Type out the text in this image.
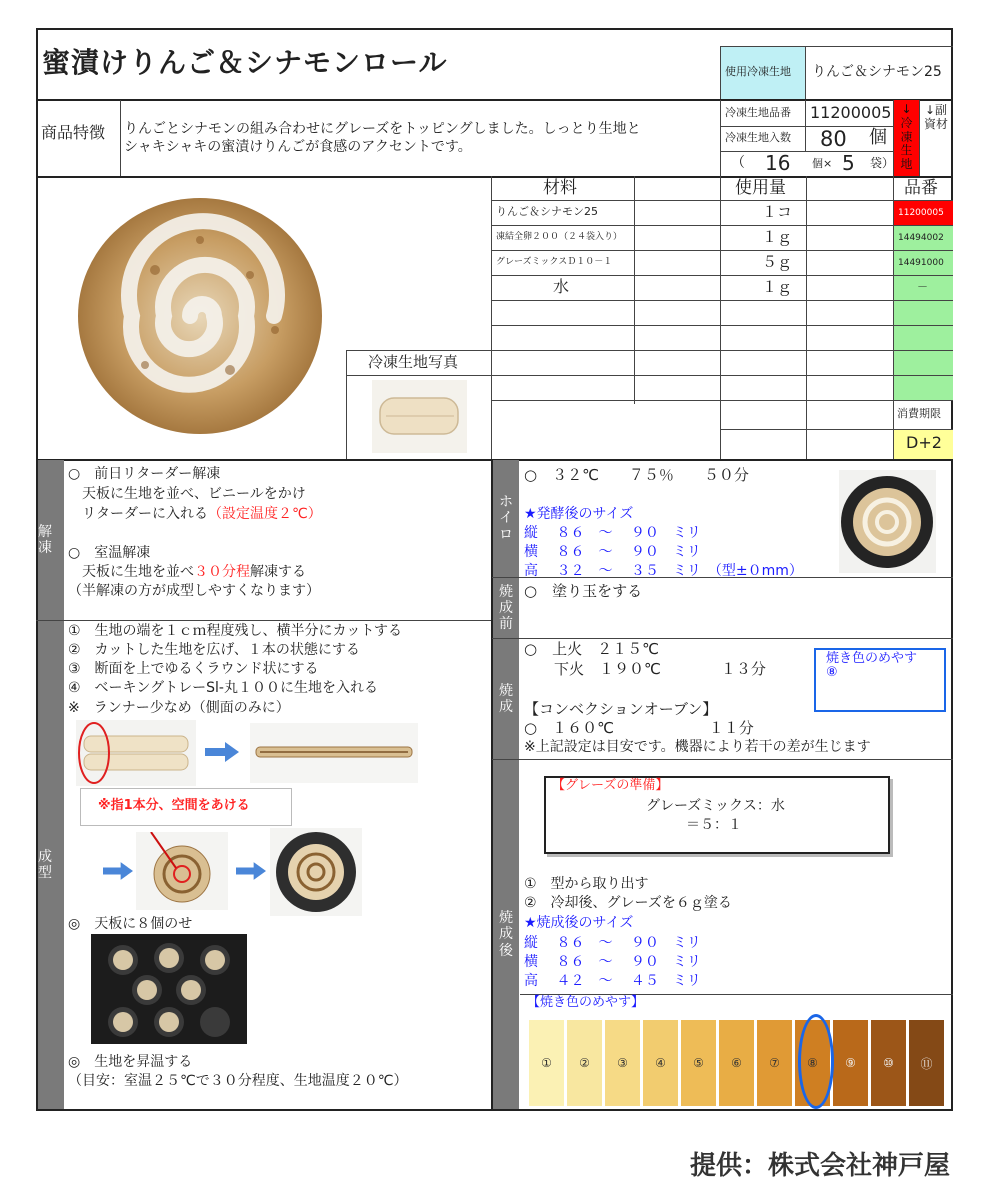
蜜漬けりんご＆シナモンロール	使用冷凍生地 りんご＆シナモン25
商品特徴 りんごとシナモンの組み合わせにグレーズをトッピングしました。しっとり生地と
シャキシャキの蜜漬けりんごが食感のアクセントです。
冷凍生地品番 11200005
冷凍生地入数 80 個
（ 16 個× 5 袋）
↓冷凍生地
↓副資材
冷凍生地写真
材料	使用量	品番
りんご＆シナモン25	１コ	11200005
凍結全卵２００（２４袋入り）	１ｇ	14494002
グレーズミックスＤ１０－１	５ｇ	14491000
水	１ｇ	－
消費期限
D+2
解凍
○　前日リターダー解凍
　天板に生地を並べ、ビニールをかけ
　リターダーに入れる（設定温度２℃）
○　室温解凍
　天板に生地を並べ３０分程解凍する
（半解凍の方が成型しやすくなります）
成型
①　生地の端を１ｃｍ程度残し、横半分にカットする
②　カットした生地を広げ、１本の状態にする
③　断面を上でゆるくラウンド状にする
④　ベーキングトレーSl-丸１００に生地を入れる
※　ランナー少なめ（側面のみに）
※指1本分、空間をあける
◎　天板に８個のせ
◎　生地を昇温する
（目安：室温２５℃で３０分程度、生地温度２０℃）
ホ
イ
ロ
○　３２℃　　７５％　　５０分
★発酵後のサイズ
縦　 ８６　～　 ９０　ミリ
横　 ８６　～　 ９０　ミリ
高　 ３２　～　 ３５　ミリ　（型±０mm）
焼
成
前
○　塗り玉をする
焼
成
○　上火　２１５℃
　　下火　１９０℃　　　　１３分
【コンベクションオーブン】
○　１６０℃　　　　　　 １１分
※上記設定は目安です。機器により若干の差が生じます
焼き色のめやす
⑧
焼
成
後
【グレーズの準備】
グレーズミックス：水
＝５：１
①　型から取り出す
②　冷却後、グレーズを６ｇ塗る
★焼成後のサイズ
縦　 ８６　～　 ９０　ミリ
横　 ８６　～　 ９０　ミリ
高　 ４２　～　 ４５　ミリ
【焼き色のめやす】
①	②	③	④	⑤	⑥	⑦	⑧	⑨	⑩	⑪
提供：株式会社神戸屋
